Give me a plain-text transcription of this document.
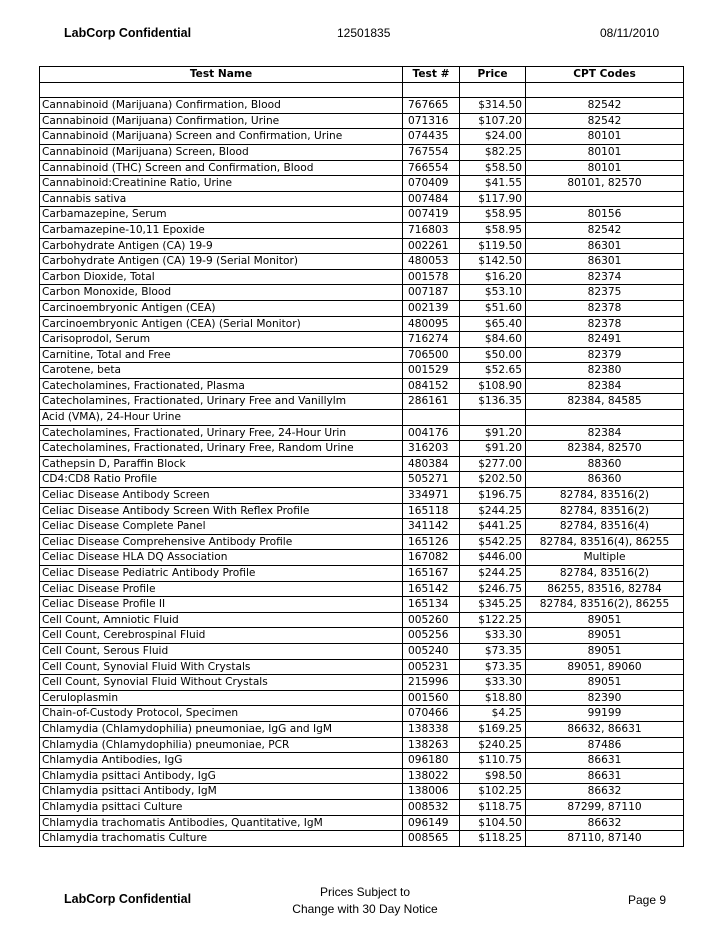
LabCorp Confidential	12501835	08/11/2010
Test Name	Test #	Price	CPT Codes

Cannabinoid (Marijuana) Confirmation, Blood	767665	$314.50	82542
Cannabinoid (Marijuana) Confirmation, Urine	071316	$107.20	82542
Cannabinoid (Marijuana) Screen and Confirmation, Urine	074435	$24.00	80101
Cannabinoid (Marijuana) Screen, Blood	767554	$82.25	80101
Cannabinoid (THC) Screen and Confirmation, Blood	766554	$58.50	80101
Cannabinoid:Creatinine Ratio, Urine	070409	$41.55	80101, 82570
Cannabis sativa	007484	$117.90	
Carbamazepine, Serum	007419	$58.95	80156
Carbamazepine-10,11 Epoxide	716803	$58.95	82542
Carbohydrate Antigen (CA) 19-9	002261	$119.50	86301
Carbohydrate Antigen (CA) 19-9 (Serial Monitor)	480053	$142.50	86301
Carbon Dioxide, Total	001578	$16.20	82374
Carbon Monoxide, Blood	007187	$53.10	82375
Carcinoembryonic Antigen (CEA)	002139	$51.60	82378
Carcinoembryonic Antigen (CEA) (Serial Monitor)	480095	$65.40	82378
Carisoprodol, Serum	716274	$84.60	82491
Carnitine, Total and Free	706500	$50.00	82379
Carotene, beta	001529	$52.65	82380
Catecholamines, Fractionated, Plasma	084152	$108.90	82384
Catecholamines, Fractionated, Urinary Free and Vanillylm	286161	$136.35	82384, 84585
Acid (VMA), 24-Hour Urine			
Catecholamines, Fractionated, Urinary Free, 24-Hour Urin	004176	$91.20	82384
Catecholamines, Fractionated, Urinary Free, Random Urine	316203	$91.20	82384, 82570
Cathepsin D, Paraffin Block	480384	$277.00	88360
CD4:CD8 Ratio Profile	505271	$202.50	86360
Celiac Disease Antibody Screen	334971	$196.75	82784, 83516(2)
Celiac Disease Antibody Screen With Reflex Profile	165118	$244.25	82784, 83516(2)
Celiac Disease Complete Panel	341142	$441.25	82784, 83516(4)
Celiac Disease Comprehensive Antibody Profile	165126	$542.25	82784, 83516(4), 86255
Celiac Disease HLA DQ Association	167082	$446.00	Multiple
Celiac Disease Pediatric Antibody Profile	165167	$244.25	82784, 83516(2)
Celiac Disease Profile	165142	$246.75	86255, 83516, 82784
Celiac Disease Profile II	165134	$345.25	82784, 83516(2), 86255
Cell Count, Amniotic Fluid	005260	$122.25	89051
Cell Count, Cerebrospinal Fluid	005256	$33.30	89051
Cell Count, Serous Fluid	005240	$73.35	89051
Cell Count, Synovial Fluid With Crystals	005231	$73.35	89051, 89060
Cell Count, Synovial Fluid Without Crystals	215996	$33.30	89051
Ceruloplasmin	001560	$18.80	82390
Chain-of-Custody Protocol, Specimen	070466	$4.25	99199
Chlamydia (Chlamydophilia) pneumoniae, IgG and IgM	138338	$169.25	86632, 86631
Chlamydia (Chlamydophilia) pneumoniae, PCR	138263	$240.25	87486
Chlamydia Antibodies, IgG	096180	$110.75	86631
Chlamydia psittaci Antibody, IgG	138022	$98.50	86631
Chlamydia psittaci Antibody, IgM	138006	$102.25	86632
Chlamydia psittaci Culture	008532	$118.75	87299, 87110
Chlamydia trachomatis Antibodies, Quantitative, IgM	096149	$104.50	86632
Chlamydia trachomatis Culture	008565	$118.25	87110, 87140
LabCorp Confidential	Prices Subject to
Change with 30 Day Notice
Page 9
